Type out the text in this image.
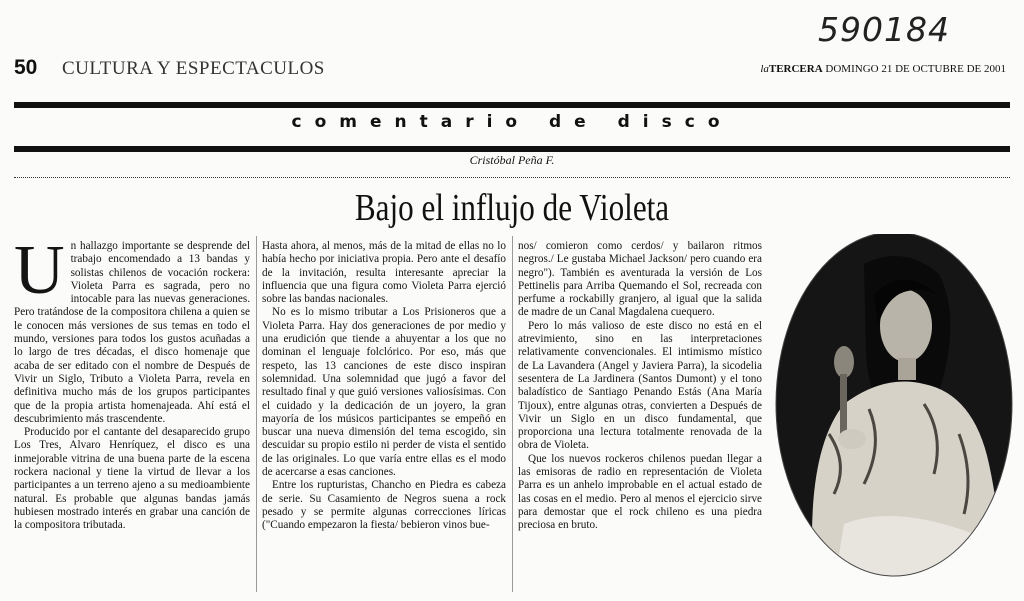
590184
50 CULTURA Y ESPECTACULOS	laTERCERA DOMINGO 21 DE OCTUBRE DE 2001
comentario de disco
Cristóbal Peña F.
Bajo el influjo de Violeta

Un hallazgo importante se desprende del trabajo encomendado a 13 bandas y solistas chilenos de vocación rockera: Violeta Parra es sagrada, pero no intocable para las nuevas generaciones. Pero tratándose de la compositora chilena a quien se le conocen más versiones de sus temas en todo el mundo, versiones para todos los gustos acuñadas a lo largo de tres décadas, el disco homenaje que acaba de ser editado con el nombre de Después de Vivir un Siglo, Tributo a Violeta Parra, revela en definitiva mucho más de los grupos participantes que de la propia artista homenajeada. Ahí está el descubrimiento más trascendente.

Producido por el cantante del desaparecido grupo Los Tres, Alvaro Henríquez, el disco es una inmejorable vitrina de una buena parte de la escena rockera nacional y tiene la virtud de llevar a los participantes a un terreno ajeno a su medioambiente natural. Es probable que algunas bandas jamás hubiesen mostrado interés en grabar una canción de la compositora tributada.

Hasta ahora, al menos, más de la mitad de ellas no lo había hecho por iniciativa propia. Pero ante el desafío de la invitación, resulta interesante apreciar la influencia que una figura como Violeta Parra ejerció sobre las bandas nacionales.

No es lo mismo tributar a Los Prisioneros que a Violeta Parra. Hay dos generaciones de por medio y una erudición que tiende a ahuyentar a los que no dominan el lenguaje folclórico. Por eso, más que respeto, las 13 canciones de este disco inspiran solemnidad. Una solemnidad que jugó a favor del resultado final y que guió versiones valiosísimas. Con el cuidado y la dedicación de un joyero, la gran mayoría de los músicos participantes se empeñó en buscar una nueva dimensión del tema escogido, sin descuidar su propio estilo ni perder de vista el sentido de las originales. Lo que varía entre ellas es el modo de acercarse a esas canciones.

Entre los rupturistas, Chancho en Piedra es cabeza de serie. Su Casamiento de Negros suena a rock pesado y se permite algunas correcciones líricas ("Cuando empezaron la fiesta/ bebieron vinos bue-

nos/ comieron como cerdos/ y bailaron ritmos negros./ Le gustaba Michael Jackson/ pero cuando era negro"). También es aventurada la versión de Los Pettinelis para Arriba Quemando el Sol, recreada con perfume a rockabilly granjero, al igual que la salida de madre de un Canal Magdalena cuequero.

Pero lo más valioso de este disco no está en el atrevimiento, sino en las interpretaciones relativamente convencionales. El intimismo místico de La Lavandera (Angel y Javiera Parra), la sicodelia sesentera de La Jardinera (Santos Dumont) y el tono baladístico de Santiago Penando Estás (Ana María Tijoux), entre algunas otras, convierten a Después de Vivir un Siglo en un disco fundamental, que proporciona una lectura totalmente renovada de la obra de Violeta.

Que los nuevos rockeros chilenos puedan llegar a las emisoras de radio en representación de Violeta Parra es un anhelo improbable en el actual estado de las cosas en el medio. Pero al menos el ejercicio sirve para demostar que el rock chileno es una piedra preciosa en bruto.
